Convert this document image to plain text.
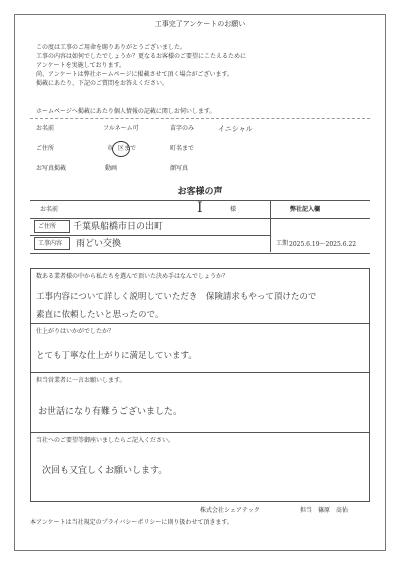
工事完了アンケートのお願い
この度は工事のご用命を賜りありがとうございました。
工事の内容は如何でしたでしょうか？更なるお客様のご要望にこたえるために
アンケートを実施しております。
尚、アンケートは弊社ホームページに掲載させて頂く場合がございます。
掲載にあたり、下記のご質問をお答えください。
ホームページへ掲載にあたり個人情報の記載に関しお伺いします。
お名前	フルネーム可	苗字のみ	イニシャル
ご住所	市 区まで	町名まで
お写真掲載	動画	顔写真
お客様の声
お名前	I	様	弊社記入欄
ご住所 千葉県船橋市日の出町
工事内容 雨どい交換	工期 2025.6.19〜2025.6.22
数ある業者様の中から私たちを選んで頂いた決め手はなんでしょうか？
工事内容について詳しく説明していただき　保険請求もやって頂けたので
素直に依頼したいと思ったので。
仕上がりはいかがでしたか？
とても丁寧な仕上がりに満足しています。
担当営業者に一言お願いします。
お世話になり有難うございました。
当社へのご要望等御座いましたらご記入ください。
次回も又宜しくお願いします。
株式会社シェアテック	担当 篠原　髙佑
本アンケートは当社規定のプライバシーポリシーに則り扱わせて頂きます。
